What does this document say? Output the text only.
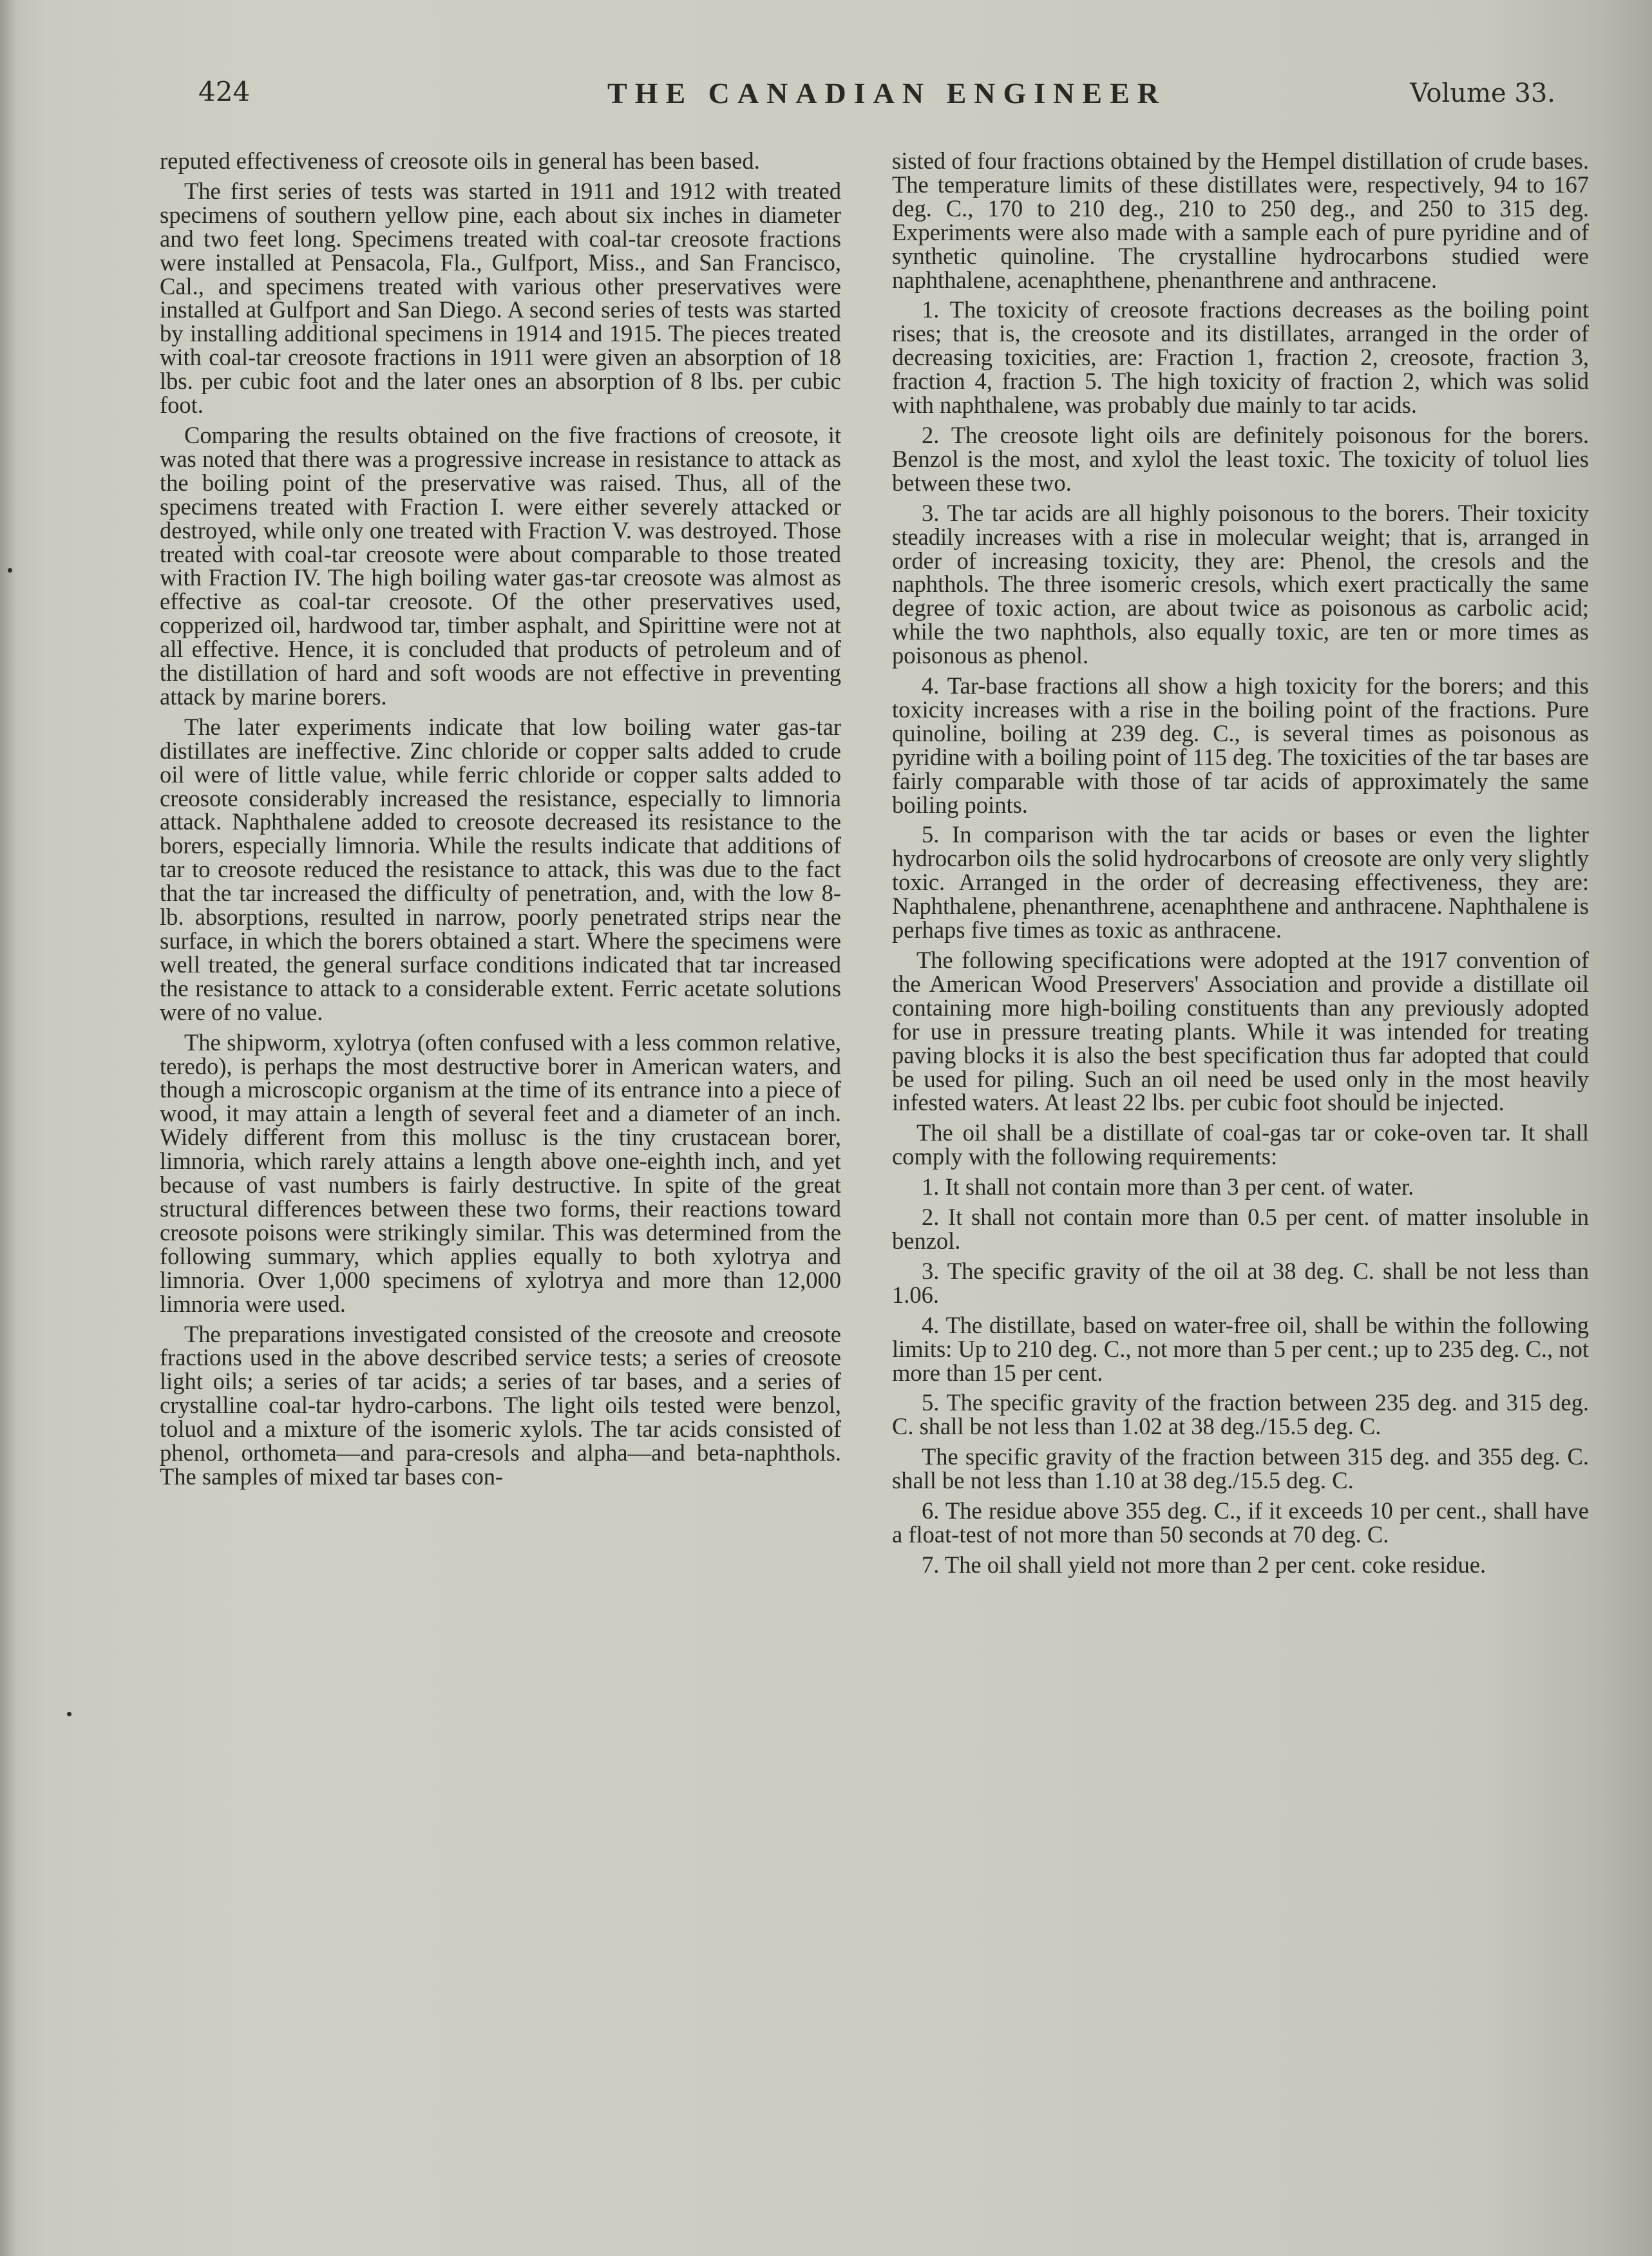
424	THE CANADIAN ENGINEER	Volume 33.

reputed effectiveness of creosote oils in general has been based.

The first series of tests was started in 1911 and 1912 with treated specimens of southern yellow pine, each about six inches in diameter and two feet long. Specimens treated with coal-tar creosote fractions were installed at Pensacola, Fla., Gulfport, Miss., and San Francisco, Cal., and specimens treated with various other preservatives were installed at Gulfport and San Diego. A second series of tests was started by installing additional specimens in 1914 and 1915. The pieces treated with coal-tar creosote fractions in 1911 were given an absorption of 18 lbs. per cubic foot and the later ones an absorption of 8 lbs. per cubic foot.

Comparing the results obtained on the five fractions of creosote, it was noted that there was a progressive increase in resistance to attack as the boiling point of the preservative was raised. Thus, all of the specimens treated with Fraction I. were either severely attacked or destroyed, while only one treated with Fraction V. was destroyed. Those treated with coal-tar creosote were about comparable to those treated with Fraction IV. The high boiling water gas-tar creosote was almost as effective as coal-tar creosote. Of the other preservatives used, copperized oil, hardwood tar, timber asphalt, and Spirittine were not at all effective. Hence, it is concluded that products of petroleum and of the distillation of hard and soft woods are not effective in preventing attack by marine borers.

The later experiments indicate that low boiling water gas-tar distillates are ineffective. Zinc chloride or copper salts added to crude oil were of little value, while ferric chloride or copper salts added to creosote considerably increased the resistance, especially to limnoria attack. Naphthalene added to creosote decreased its resistance to the borers, especially limnoria. While the results indicate that additions of tar to creosote reduced the resistance to attack, this was due to the fact that the tar increased the difficulty of penetration, and, with the low 8-lb. absorptions, resulted in narrow, poorly penetrated strips near the surface, in which the borers obtained a start. Where the specimens were well treated, the general surface conditions indicated that tar increased the resistance to attack to a considerable extent. Ferric acetate solutions were of no value.

The shipworm, xylotrya (often confused with a less common relative, teredo), is perhaps the most destructive borer in American waters, and though a microscopic organism at the time of its entrance into a piece of wood, it may attain a length of several feet and a diameter of an inch. Widely different from this mollusc is the tiny crustacean borer, limnoria, which rarely attains a length above one-eighth inch, and yet because of vast numbers is fairly destructive. In spite of the great structural differences between these two forms, their reactions toward creosote poisons were strikingly similar. This was determined from the following summary, which applies equally to both xylotrya and limnoria. Over 1,000 specimens of xylotrya and more than 12,000 limnoria were used.

The preparations investigated consisted of the creosote and creosote fractions used in the above described service tests; a series of creosote light oils; a series of tar acids; a series of tar bases, and a series of crystalline coal-tar hydro-carbons. The light oils tested were benzol, toluol and a mixture of the isomeric xylols. The tar acids consisted of phenol, orthometa—and para-cresols and alpha—and beta-naphthols. The samples of mixed tar bases con-

sisted of four fractions obtained by the Hempel distillation of crude bases. The temperature limits of these distillates were, respectively, 94 to 167 deg. C., 170 to 210 deg., 210 to 250 deg., and 250 to 315 deg. Experiments were also made with a sample each of pure pyridine and of synthetic quinoline. The crystalline hydrocarbons studied were naphthalene, acenaphthene, phenanthrene and anthracene.

1. The toxicity of creosote fractions decreases as the boiling point rises; that is, the creosote and its distillates, arranged in the order of decreasing toxicities, are: Fraction 1, fraction 2, creosote, fraction 3, fraction 4, fraction 5. The high toxicity of fraction 2, which was solid with naphthalene, was probably due mainly to tar acids.

2. The creosote light oils are definitely poisonous for the borers. Benzol is the most, and xylol the least toxic. The toxicity of toluol lies between these two.

3. The tar acids are all highly poisonous to the borers. Their toxicity steadily increases with a rise in molecular weight; that is, arranged in order of increasing toxicity, they are: Phenol, the cresols and the naphthols. The three isomeric cresols, which exert practically the same degree of toxic action, are about twice as poisonous as carbolic acid; while the two naphthols, also equally toxic, are ten or more times as poisonous as phenol.

4. Tar-base fractions all show a high toxicity for the borers; and this toxicity increases with a rise in the boiling point of the fractions. Pure quinoline, boiling at 239 deg. C., is several times as poisonous as pyridine with a boiling point of 115 deg. The toxicities of the tar bases are fairly comparable with those of tar acids of approximately the same boiling points.

5. In comparison with the tar acids or bases or even the lighter hydrocarbon oils the solid hydrocarbons of creosote are only very slightly toxic. Arranged in the order of decreasing effectiveness, they are: Naphthalene, phenanthrene, acenaphthene and anthracene. Naphthalene is perhaps five times as toxic as anthracene.

The following specifications were adopted at the 1917 convention of the American Wood Preservers' Association and provide a distillate oil containing more high-boiling constituents than any previously adopted for use in pressure treating plants. While it was intended for treating paving blocks it is also the best specification thus far adopted that could be used for piling. Such an oil need be used only in the most heavily infested waters. At least 22 lbs. per cubic foot should be injected.

The oil shall be a distillate of coal-gas tar or coke-oven tar. It shall comply with the following requirements:

1. It shall not contain more than 3 per cent. of water.

2. It shall not contain more than 0.5 per cent. of matter insoluble in benzol.

3. The specific gravity of the oil at 38 deg. C. shall be not less than 1.06.

4. The distillate, based on water-free oil, shall be within the following limits: Up to 210 deg. C., not more than 5 per cent.; up to 235 deg. C., not more than 15 per cent.

5. The specific gravity of the fraction between 235 deg. and 315 deg. C. shall be not less than 1.02 at 38 deg./15.5 deg. C.

The specific gravity of the fraction between 315 deg. and 355 deg. C. shall be not less than 1.10 at 38 deg./15.5 deg. C.

6. The residue above 355 deg. C., if it exceeds 10 per cent., shall have a float-test of not more than 50 seconds at 70 deg. C.

7. The oil shall yield not more than 2 per cent. coke residue.
